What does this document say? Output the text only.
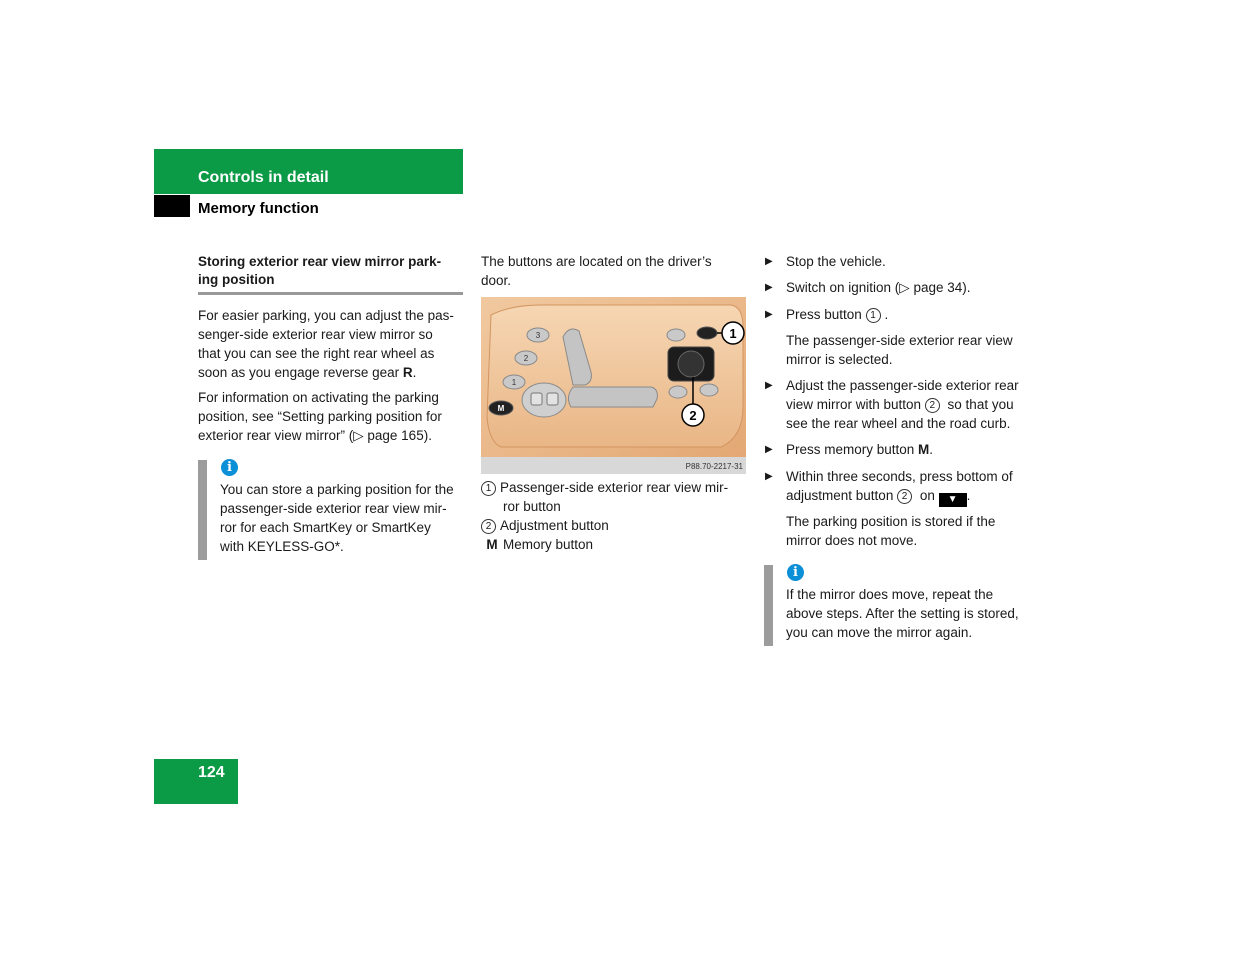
Controls in detail
Memory function
Storing exterior rear view mirror park-
ing position

For easier parking, you can adjust the pas-

senger-side exterior rear view mirror so

that you can see the right rear wheel as

soon as you engage reverse gear R.

For information on activating the parking

position, see “Setting parking position for

exterior rear view mirror” (▷ page 165).

i

You can store a parking position for the

passenger-side exterior rear view mir-

ror for each SmartKey or SmartKey

with KEYLESS-GO*.

The buttons are located on the driver’s

door.

3
2
1
M
1
2
P88.70-2217-31

1 Passenger-side exterior rear view mir-

ror button

2 Adjustment button

M Memory button

▶ Stop the vehicle.
▶ Switch on ignition (▷ page 34).
▶ Press button 1 .

The passenger-side exterior rear view

mirror is selected.

▶ Adjust the passenger-side exterior rear

view mirror with button 2 so that you

see the rear wheel and the road curb.

▶ Press memory button M.
▶ Within three seconds, press bottom of

adjustment button 2 on ▼ .

The parking position is stored if the

mirror does not move.

i

If the mirror does move, repeat the

above steps. After the setting is stored,

you can move the mirror again.

124
